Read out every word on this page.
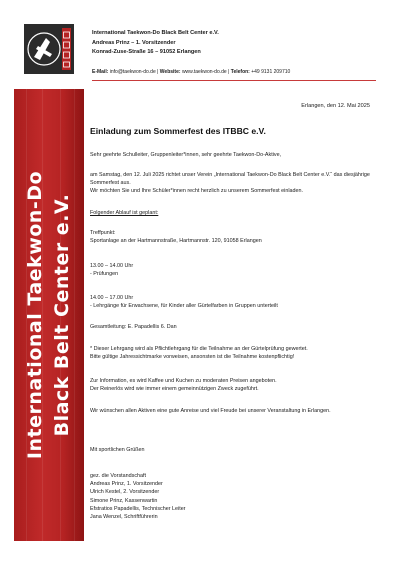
International Taekwon-Do Black Belt Center e.V.
Andreas Prinz – 1. Vorsitzender
Konrad-Zuse-Straße 16 – 91052 Erlangen
E-Mail: info@taekwon-do.de | Website: www.taekwon-do.de | Telefon: +49 9131 209710
International Taekwon-Do Black Belt Center e.V.
Erlangen, den 12. Mai 2025
Einladung zum Sommerfest des ITBBC e.V.
Sehr geehrte Schulleiter, Gruppenleiter*innen, sehr geehrte Taekwon-Do-Aktive,
am Samstag, den 12. Juli 2025 richtet unser Verein „International Taekwon-Do Black Belt Center e.V.“ das diesjährige Sommerfest aus.
Wir möchten Sie und Ihre Schüler*innen recht herzlich zu unserem Sommerfest einladen.
Folgender Ablauf ist geplant:
Treffpunkt:
Sportanlage an der Hartmannstraße, Hartmannstr. 120, 91058 Erlangen
13.00 – 14.00 Uhr
- Prüfungen
14.00 – 17.00 Uhr
- Lehrgänge für Erwachsene, für Kinder aller Gürtelfarben in Gruppen unterteilt
Gesamtleitung: E. Papadellis 6. Dan
* Dieser Lehrgang wird als Pflichtlehrgang für die Teilnahme an der Gürtelprüfung gewertet.
Bitte gültige Jahressichtmarke vorweisen, ansonsten ist die Teilnahme kostenpflichtig!
Zur Information, es wird Kaffee und Kuchen zu moderaten Preisen angeboten.
Der Reinerlös wird wie immer einem gemeinnützigen Zweck zugeführt.
Wir wünschen allen Aktiven eine gute Anreise und viel Freude bei unserer Veranstaltung in Erlangen.
Mit sportlichen Grüßen
gez. die Vorstandschaft
Andreas Prinz, 1. Vorsitzender
Ulrich Kestel, 2. Vorsitzender
Simone Prinz, Kassenwartin
Efstratios Papadellis, Technischer Leiter
Jana Wenzel, Schriftführerin
